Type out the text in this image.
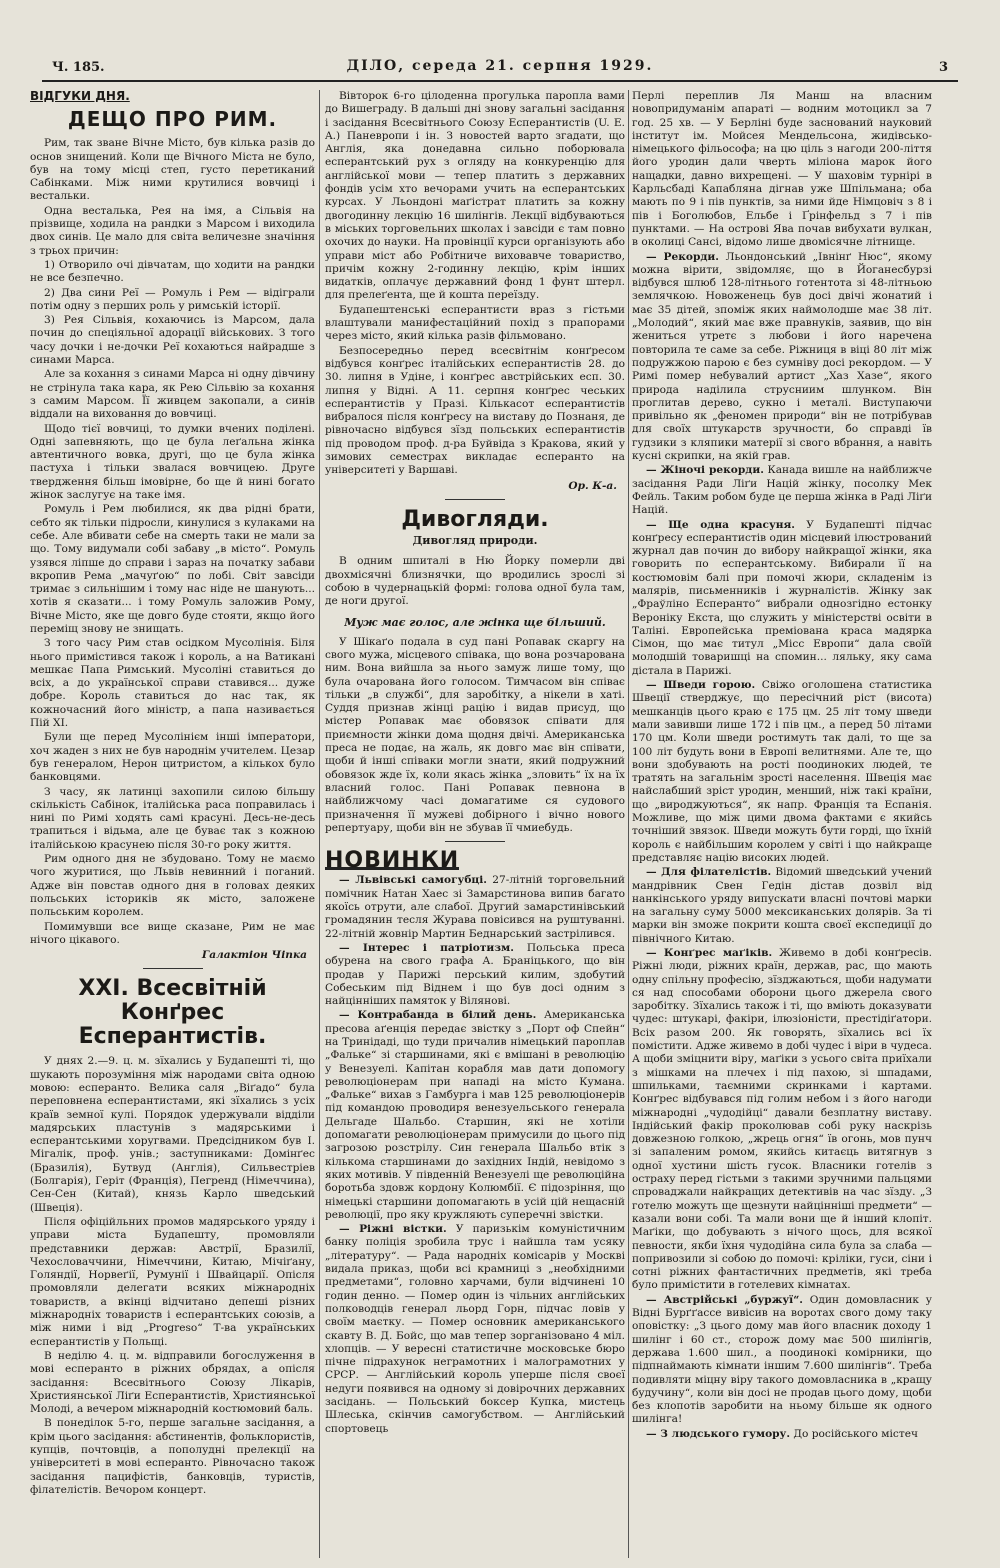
Ч. 185.	ДІЛО, середа 21. серпня 1929.	3
ВІДГУКИ ДНЯ.
ДЕЩО ПРО РИМ.

Рим, так зване Вічне Місто, був кілька разів до основ знищений. Коли ще Вічного Міста не було, був на тому місці степ, густо перетиканий Сабінками. Між ними крутилися вовчиці і вестальки.

Одна весталька, Рея на імя, а Сільвія на прізвище, ходила на рандки з Марсом і виходила двох синів. Це мало для світа величезне значіння з трьох причин:

1) Отворило очі дівчатам, що ходити на рандки не все безпечно.

2) Два сини Реї — Ромуль і Рем — відіграли потім одну з перших роль у римській історії.

3) Рея Сільвія, кохаючись із Марсом, дала почин до спеціяльної адорації військових. З того часу дочки і не-дочки Реї кохаються найрадше з синами Марса.

Але за кохання з синами Марса ні одну дівчину не стрінула така кара, як Рею Сільвію за кохання з самим Марсом. Її живцем закопали, а синів віддали на виховання до вовчиці.

Щодо тієї вовчиці, то думки вчених поділені. Одні запевняють, що це була леґальна жінка автентичного вовка, другі, що це була жінка пастуха і тільки звалася вовчицею. Друге твердження більш імовірне, бо ще й нині богато жінок заслугує на таке імя.

Ромуль і Рем любилися, як два рідні брати, себто як тільки підросли, кинулися з кулаками на себе. Але вбивати себе на смерть таки не мали за що. Тому видумали собі забаву „в місто“. Ромуль узявся ліпше до справи і зараз на початку забави вкропив Рема „мачуґою“ по лобі. Світ завсіди тримає з сильнішим і тому нас ніде не шанують... хотів я сказати... і тому Ромуль заложив Рому, Вічне Місто, яке ще довго буде стояти, якщо його переміщ знову не знищать.

З того часу Рим став осідком Мусолінія. Біля нього примістився також і король, а на Ватикані мешкає Папа Римський. Мусоліні ставиться до всіх, а до української справи ставився... дуже добре. Король ставиться до нас так, як кожночасний його міністр, а папа називається Пій XI.

Були ще перед Мусолінієм інші імператори, хоч жаден з них не був народнім учителем. Цезар був генералом, Нерон цитристом, а кількох було банковцями.

З часу, як латинці захопили силою більшу скількість Сабінок, італійська раса поправилась і нині по Римі ходять самі красуні. Десь-не-десь трапиться і відьма, але це буває так з кожною італійською красунею після 30-го року життя.

Рим одного дня не збудовано. Тому не маємо чого журитися, що Львів невинний і поганий. Адже він повстав одного дня в головах деяких польських істориків як місто, заложене польським королем.

Помимувши все вище сказане, Рим не має нічого цікавого.

Галактіон Чіпка
XXI. Всесвітній Конґрес Есперантистів.

У днях 2.—9. ц. м. зїхались у Будапешті ті, що шукають порозуміння між народами світа одною мовою: есперанто. Велика саля „Віґадо“ була переповнена есперантистами, які зїхались з усіх країв земної кулі. Порядок удержували відділи мадярських пластунів з мадярськими і есперантськими хоругвами. Предсідником був І. Мігалік, проф. унів.; заступниками: Домінґес (Бразилія), Бутвуд (Англія), Сильвестріев (Болгарія), Геріт (Франція), Пегренд (Німеччина), Сен-Сен (Китай), князь Карло шведський (Швеція).

Після офіційльних промов мадярського уряду і управи міста Будапешту, промовляли представники держав: Австрії, Бразилії, Чехословаччини, Німеччини, Китаю, Мічіґану, Голяндії, Норвеґії, Румунії і Швайцарії. Опісля промовляли делегати всяких міжнародніх товариств, а вкінці відчитано депеші різних міжнародніх товариств і есперантських союзів, а між ними і від „Progreso“ Т-ва українських есперантистів у Польщі.

В неділю 4. ц. м. відправили богослуження в мові есперанто в ріжних обрядах, а опісля засідання: Всесвітнього Союзу Лікарів, Християнської Ліґи Есперантистів, Християнської Молоді, а вечером міжнародній костюмовий баль.

В понеділок 5-го, перше загальне засідання, а крім цього засідання: абстинентів, фольклористів, купців, почтовців, а пополудні прелекції на університеті в мові есперанто. Рівночасно також засідання пацифістів, банковців, туристів, філателістів. Вечором концерт.

Вівторок 6-го цілоденна прогулька паропла вами до Вишеграду. В дальші дні знову загальні засідання і засідання Всесвітнього Союзу Есперантистів (U. E. A.) Паневропи і ін. З новостей варто згадати, що Англія, яка донедавна сильно поборювала есперантський рух з огляду на конкуренцію для англійської мови — тепер платить з державних фондів усім хто вечорами учить на есперантських курсах. У Льондоні маґістрат платить за кожну двогодинну лекцію 16 шилінгів. Лекції відбуваються в міських торговельних школах і завсіди є там повно охочих до науки. На провінції курси організують або управи міст або Робітниче виховавче товариство, причім кожну 2-годинну лекцію, крім інших видатків, оплачує державний фонд 1 фунт штерл. для прелеґента, ще й кошта переїзду.

Будапештенські есперантисти враз з гістьми влаштували манифестаційний похід з прапорами через місто, який кілька разів фільмовано.

Безпосередньо перед всесвітнім конґресом відбувся конґрес італійських есперантистів 28. до 30. липня в Удіне, і конґрес австрійських есп. 30. липня у Відні. А 11. серпня конґрес чеських есперантистів у Празі. Кількасот есперантистів вибралося після конґресу на виставу до Познаня, де рівночасно відбувся зїзд польських есперантистів під проводом проф. д-ра Буйвіда з Кракова, який у зимових семестрах викладає есперанто на університеті у Варшаві.

Ор. К-а.
Дивогляди.
Дивогляд природи.

В одним шпиталі в Ню Йорку померли дві двохмісячні близнячки, що вродились зрослі зі собою в чудернацькій формі: голова одної була там, де ноги другої.

Муж має голос, але жінка ще більший.

У Шікаґо подала в суд пані Ропавак скаргу на свого мужа, місцевого співака, що вона розчарована ним. Вона вийшла за нього замуж лише тому, що була очарована його голосом. Тимчасом він співає тільки „в службі“, для заробітку, а нікели в хаті. Суддя признав жінці рацію і видав присуд, що містер Ропавак має обовязок співати для приємности жінки дома щодня двічі. Американська преса не подає, на жаль, як довго має він співати, щоби й інші співаки могли знати, який подружний обовязок жде їх, коли якась жінка „зловить“ їх на їх власний голос. Пані Ропавак певнона в найближчому часі домагатиме ся судового призначення її мужеві добірного і вічно нового репертуару, щоби він не збував її чмиебудь.

НОВИНКИ

— Львівські самогубці. 27-літній торговельний помічник Натан Хаес зі Замарстинова випив багато якоїсь отрути, але слабої. Другий замарстинівський громадянин тесля Журава повісився на руштуванні. 22-літній жовнір Мартин Беднарський застрілився.

— Інтерес і патріотизм. Польська преса обурена на свого графа А. Браніцького, що він продав у Парижі перський килим, здобутий Собеським під Віднем і що був досі одним з найцінніших памяток у Вілянові.

— Контрабанда в білий день. Американська пресова аґенція передає звістку з „Порт оф Спейн“ на Тринідаді, що туди причалив німецький пароплав „Фальке“ зі старшинами, які є вмішані в революцію у Венезуелі. Капітан корабля мав дати допомогу революціонерам при нападі на місто Кумана. „Фальке“ вихав з Гамбурга і мав 125 революціонерів під командою проводиря венезуельського генерала Дельгаде Шальбо. Старшин, які не хотіли допомагати революціонерам примусили до цього під загрозою розстрілу. Син генерала Шальбо втік з кількома старшинами до західних Індій, невідомо з яких мотивів. У південній Венезуелі ще революційна боротьба здовж кордону Колюмбії. Є підозріння, що німецькі старшини допомагають в усій цій нещасній революції, про яку кружляють суперечні звістки.

— Ріжні вістки. У паризькім комуністичним банку поліція зробила трус і найшла там усяку „літературу“. — Рада народніх комісарів у Москві видала приказ, щоби всі крамниці з „необхідними предметами“, головно харчами, були відчинені 10 годин денно. — Помер один із чільних англійських полководців генерал льорд Горн, підчас ловів у своїм маєтку. — Помер основник американського скавту В. Д. Бойс, що мав тепер зорганізовано 4 міл. хлопців. — У вересні статистичне московське бюро пічне підрахунок неграмотних і малограмотних у СРСР. — Англійський король уперше після своєї недуги появився на одному зі довірочних державних засідань. — Польський боксер Купка, мистець Шлеська, скінчив самогубством. — Англійський спортовець

Перлі переплив Ля Манш на власним новопридуманім апараті — водним мотоцикл за 7 год. 25 хв. — У Берліні буде заснований науковий інститут ім. Мойсея Мендельсона, жидівсько-німецького фільософа; на цю ціль з нагоди 200-ліття його уродин дали чверть міліона марок його нащадки, давно вихрещені. — У шаховім турнірі в Карльсбаді Капабляна дігнав уже Шпільмана; оба мають по 9 і пів пунктів, за ними йде Німцовіч з 8 і пів і Боголюбов, Ельбе і Ґрінфельд з 7 і пів пунктами. — На острові Ява почав вибухати вулкан, в околиці Сансі, відомо лише двомісячне літнище.

— Рекорди. Льондонський „Івнінґ Нюс“, якому можна вірити, звідомляє, що в Йоганесбурзі відбувся шлюб 128-літнього готентота зі 48-літньою землячкою. Новоженець був досі двічі жонатий і має 35 дітей, зпоміж яких наймолодше має 38 літ. „Молодий“, який має вже правнуків, заявив, що він жениться утретє з любови і його наречена повторила те саме за себе. Ріжниця в віці 80 літ між подружжою парою є без сумніву досі рекордом. — У Римі помер небувалий артист „Хаз Хазе“, якого природа наділила струсниим шлунком. Він проглитав дерево, сукно і металі. Виступаючи привільно як „феномен природи“ він не потрібував для своїх штукарств зручности, бо справді їв гудзики з кляпики матерії зі свого вбрання, а навіть кусні скрипки, на якій грав.

— Жіночі рекорди. Канада вишле на найближче засідання Ради Ліґи Націй жінку, посолку Мек Фейль. Таким робом буде це перша жінка в Раді Ліґи Націй.

— Ще одна красуня. У Будапешті підчас конґресу есперантистів один місцевий ілюстрований журнал дав почин до вибору найкращої жінки, яка говорить по есперантському. Вибирали її на костюмовім балі при помочі жюри, складенім із малярів, письменників і журналістів. Жінку зак „Фраўліно Есперанто“ вибрали однозгідно естонку Вероніку Екста, що служить у міністерстві освіти в Таліні. Европейська преміована краса мадярка Сімон, що має титул „Місс Европи“ дала своїй молодшій товаришці на спомин... ляльку, яку сама дістала в Парижі.

— Шведи горою. Свіжо оголошена статистика Швеції стверджує, що пересічний ріст (висота) мешканців цього краю є 175 цм. 25 літ тому шведи мали завивши лише 172 і пів цм., а перед 50 літами 170 цм. Коли шведи ростимуть так далі, то ще за 100 літ будуть вони в Европі велитнями. Але те, що вони здобувають на рості поодиноких людей, те тратять на загальнім зрості населення. Швеція має найслабший зріст уродин, менший, ніж такі країни, що „вироджуються“, як напр. Франція та Еспанія. Можливе, що між цими двома фактами є якийсь точніший звязок. Шведи можуть бути горді, що їхній король є найбільшим королем у світі і що найкраще представляє націю високих людей.

— Для філателістів. Відомий шведський учений мандрівник Свен Гедін дістав дозвіл від нанкінського уряду випускати власні почтові марки на загальну суму 5000 мексиканських долярів. За ті марки він зможе покрити кошта своєї експедиції до північного Китаю.

— Конґрес маґіків. Живемо в добі конґресів. Ріжні люди, ріжних країн, держав, рас, що мають одну спільну професію, зїзджаються, щоби надумати ся над способами оборони цього джерела свого заробітку. Зїхались також і ті, що вміють доказувати чудес: штукарі, факіри, ілюзіоністи, престідіґатори. Всіх разом 200. Як говорять, зїхались всі їх помістити. Адже живемо в добі чудес і віри в чудеса. А щоби зміцнити віру, маґіки з усього світа приїхали з мішками на плечех і під пахою, зі шпадами, шпильками, таємними скринками і картами. Конґрес відбувався під голим небом і з його нагоди міжнародні „чудодійці“ давали безплатну виставу. Індійський факір проколював собі руку наскрізь довжезною голкою, „жрець огня“ їв огонь, мов пунч зі запаленим ромом, якийсь китаєць витягнув з одної хустини шість гусок. Власники готелів з остраху перед гістьми з такими зручними пальцями спроваджали найкращих детективів на час зїзду. „З готелю можуть ще щезнути найцінніші предмети“ — казали вони собі. Та мали вони ще й інший клопіт. Маґіки, що добувають з нічого щось, для всякої певности, якби їхня чудодійна сила була за слаба — попривозили зі собою до помочі: кріліки, гуси, сіни і сотні ріжних фантастичних предметів, які треба було примістити в готелевих кімнатах.

— Австрійські „буржуї“. Один домовласник у Відні Бурґґассе вивісив на воротах свого дому таку оповістку: „З цього дому мав його власник доходу 1 шилінг і 60 cт., сторож дому має 500 шилінгів, держава 1.600 шил., а поодинокі комірники, що підпнаймають кімнати іншим 7.600 шилінгів“. Треба подивляти міцну віру такого домовласника в „кращу будучину“, коли він досі не продав цього дому, щоби без клопотів заробити на ньому більше як одного шилінга!

— З людського гумору. До російського містеч
